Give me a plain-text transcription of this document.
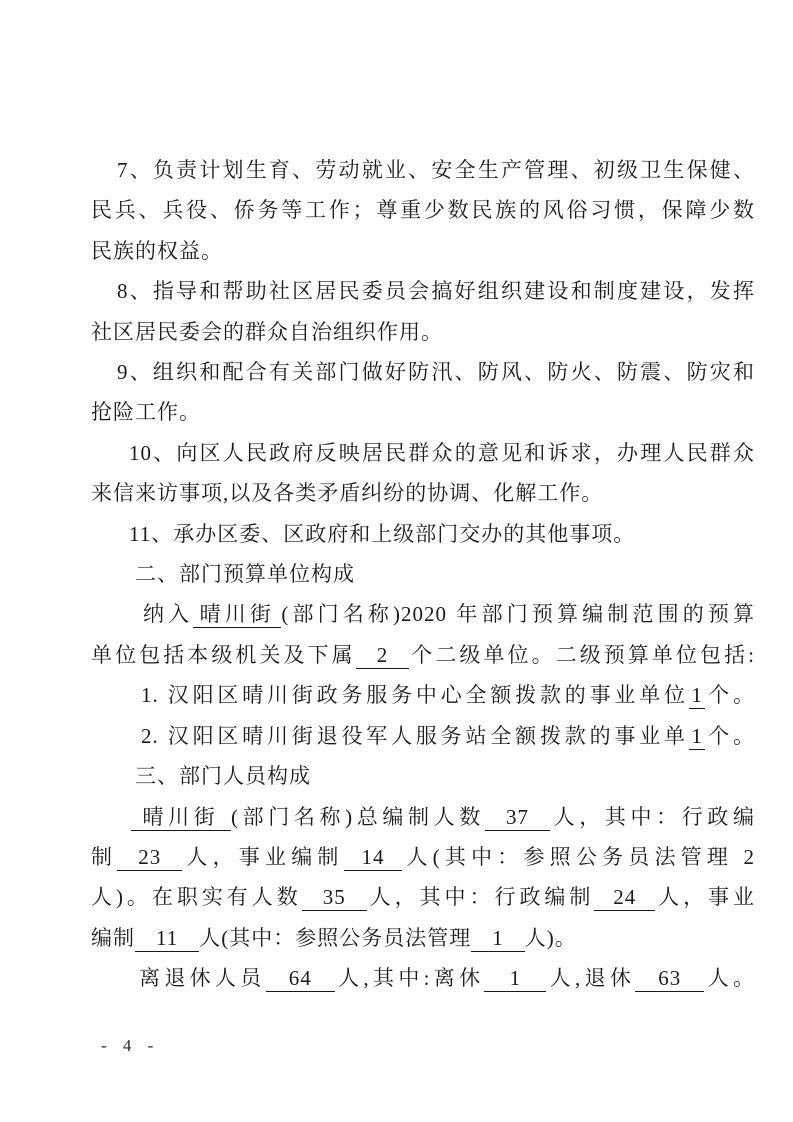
7、负责计划生育、劳动就业、安全生产管理、初级卫生保健、
民兵、兵役、侨务等工作；尊重少数民族的风俗习惯，保障少数
民族的权益。
8、指导和帮助社区居民委员会搞好组织建设和制度建设，发挥
社区居民委会的群众自治组织作用。
9、组织和配合有关部门做好防汛、防风、防火、防震、防灾和
抢险工作。
10、向区人民政府反映居民群众的意见和诉求，办理人民群众
来信来访事项,以及各类矛盾纠纷的协调、化解工作。
11、承办区委、区政府和上级部门交办的其他事项。
二、部门预算单位构成
纳入 晴川街 (部门名称)2020 年部门预算编制范围的预算
单位包括本级机关及下属 2 个二级单位。二级预算单位包括:
1. 汉阳区晴川街政务服务中心全额拨款的事业单位 1 个。
2. 汉阳区晴川街退役军人服务站全额拨款的事业单 1 个。
三、部门人员构成
晴川街 (部门名称)总编制人数 37 人，其中：行政编
制 23 人，事业编制 14 人(其中：参照公务员法管理 2
人)。在职实有人数 35 人，其中：行政编制 24 人，事业
编制 11 人(其中：参照公务员法管理 1 人)。
离退休人员 64 人,其中:离休 1 人,退休 63 人。
- 4 -
